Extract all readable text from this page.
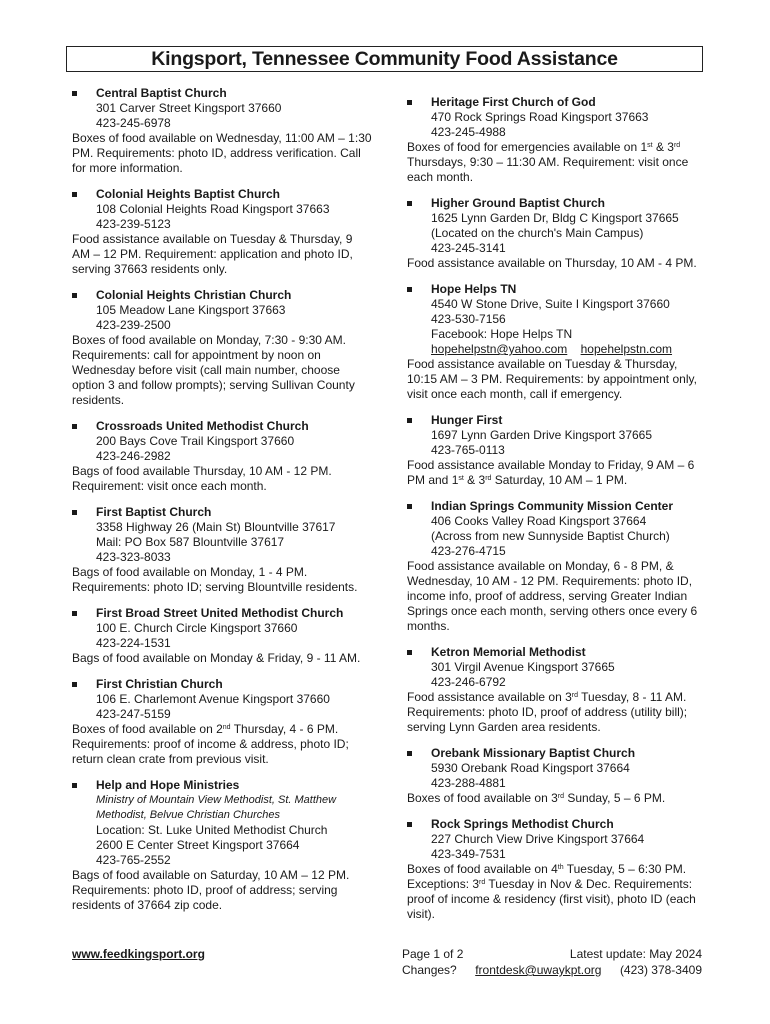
Kingsport, Tennessee Community Food Assistance
Central Baptist Church
301 Carver Street Kingsport 37660
423-245-6978
Boxes of food available on Wednesday, 11:00 AM – 1:30 PM. Requirements: photo ID, address verification. Call for more information.
Colonial Heights Baptist Church
108 Colonial Heights Road Kingsport 37663
423-239-5123
Food assistance available on Tuesday & Thursday, 9 AM – 12 PM. Requirement: application and photo ID, serving 37663 residents only.
Colonial Heights Christian Church
105 Meadow Lane Kingsport 37663
423-239-2500
Boxes of food available on Monday, 7:30 - 9:30 AM. Requirements: call for appointment by noon on Wednesday before visit (call main number, choose option 3 and follow prompts); serving Sullivan County residents.
Crossroads United Methodist Church
200 Bays Cove Trail Kingsport 37660
423-246-2982
Bags of food available Thursday, 10 AM - 12 PM. Requirement: visit once each month.
First Baptist Church
3358 Highway 26 (Main St) Blountville 37617
Mail: PO Box 587 Blountville 37617
423-323-8033
Bags of food available on Monday, 1 - 4 PM. Requirements: photo ID; serving Blountville residents.
First Broad Street United Methodist Church
100 E. Church Circle Kingsport 37660
423-224-1531
Bags of food available on Monday & Friday, 9 - 11 AM.
First Christian Church
106 E. Charlemont Avenue Kingsport 37660
423-247-5159
Boxes of food available on 2nd Thursday, 4 - 6 PM. Requirements: proof of income & address, photo ID; return clean crate from previous visit.
Help and Hope Ministries
Ministry of Mountain View Methodist, St. Matthew Methodist, Belvue Christian Churches
Location: St. Luke United Methodist Church
2600 E Center Street Kingsport 37664
423-765-2552
Bags of food available on Saturday, 10 AM – 12 PM. Requirements: photo ID, proof of address; serving residents of 37664 zip code.
Heritage First Church of God
470 Rock Springs Road Kingsport 37663
423-245-4988
Boxes of food for emergencies available on 1st & 3rd Thursdays, 9:30 – 11:30 AM. Requirement: visit once each month.
Higher Ground Baptist Church
1625 Lynn Garden Dr, Bldg C Kingsport 37665
(Located on the church's Main Campus)
423-245-3141
Food assistance available on Thursday, 10 AM - 4 PM.
Hope Helps TN
4540 W Stone Drive, Suite I Kingsport 37660
423-530-7156
Facebook: Hope Helps TN
hopehelpstn@yahoo.com hopehelpstn.com
Food assistance available on Tuesday & Thursday, 10:15 AM – 3 PM. Requirements: by appointment only, visit once each month, call if emergency.
Hunger First
1697 Lynn Garden Drive Kingsport 37665
423-765-0113
Food assistance available Monday to Friday, 9 AM – 6 PM and 1st & 3rd Saturday, 10 AM – 1 PM.
Indian Springs Community Mission Center
406 Cooks Valley Road Kingsport 37664
(Across from new Sunnyside Baptist Church)
423-276-4715
Food assistance available on Monday, 6 - 8 PM, & Wednesday, 10 AM - 12 PM. Requirements: photo ID, income info, proof of address, serving Greater Indian Springs once each month, serving others once every 6 months.
Ketron Memorial Methodist
301 Virgil Avenue Kingsport 37665
423-246-6792
Food assistance available on 3rd Tuesday, 8 - 11 AM. Requirements: photo ID, proof of address (utility bill); serving Lynn Garden area residents.
Orebank Missionary Baptist Church
5930 Orebank Road Kingsport 37664
423-288-4881
Boxes of food available on 3rd Sunday, 5 – 6 PM.
Rock Springs Methodist Church
227 Church View Drive Kingsport 37664
423-349-7531
Boxes of food available on 4th Tuesday, 5 – 6:30 PM. Exceptions: 3rd Tuesday in Nov & Dec. Requirements: proof of income & residency (first visit), photo ID (each visit).
www.feedkingsport.org	Page 1 of 2	Latest update: May 2024
Changes? frontdesk@uwaykpt.org (423) 378-3409
